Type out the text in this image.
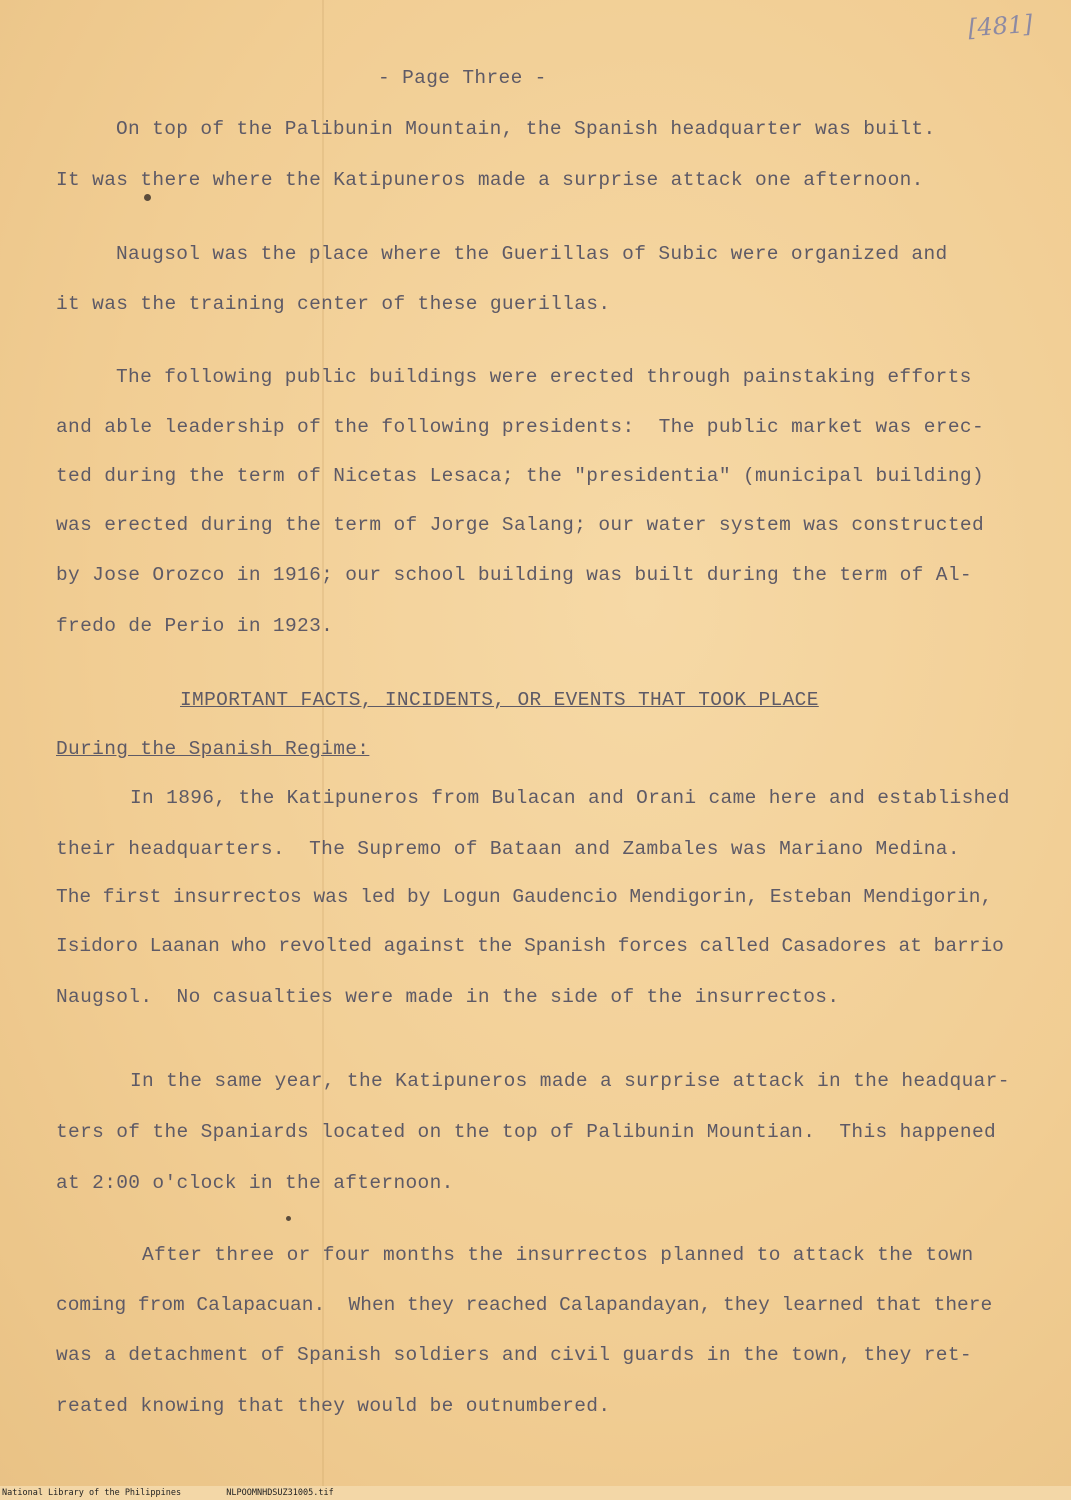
[481]
- Page Three -
On top of the Palibunin Mountain, the Spanish headquarter was built.
It was there where the Katipuneros made a surprise attack one afternoon.
Naugsol was the place where the Guerillas of Subic were organized and
it was the training center of these guerillas.
The following public buildings were erected through painstaking efforts
and able leadership of the following presidents:  The public market was erec-
ted during the term of Nicetas Lesaca; the "presidentia" (municipal building)
was erected during the term of Jorge Salang; our water system was constructed
by Jose Orozco in 1916; our school building was built during the term of Al-
fredo de Perio in 1923.
IMPORTANT FACTS, INCIDENTS, OR EVENTS THAT TOOK PLACE
During the Spanish Regime:
In 1896, the Katipuneros from Bulacan and Orani came here and established
their headquarters.  The Supremo of Bataan and Zambales was Mariano Medina.
The first insurrectos was led by Logun Gaudencio Mendigorin, Esteban Mendigorin,
Isidoro Laanan who revolted against the Spanish forces called Casadores at barrio
Naugsol.  No casualties were made in the side of the insurrectos.
In the same year, the Katipuneros made a surprise attack in the headquar-
ters of the Spaniards located on the top of Palibunin Mountian.  This happened
at 2:00 o'clock in the afternoon.
After three or four months the insurrectos planned to attack the town
coming from Calapacuan.  When they reached Calapandayan, they learned that there
was a detachment of Spanish soldiers and civil guards in the town, they ret-
reated knowing that they would be outnumbered.
National Library of the Philippines	NLPOOMNHDSUZ31005.tif
